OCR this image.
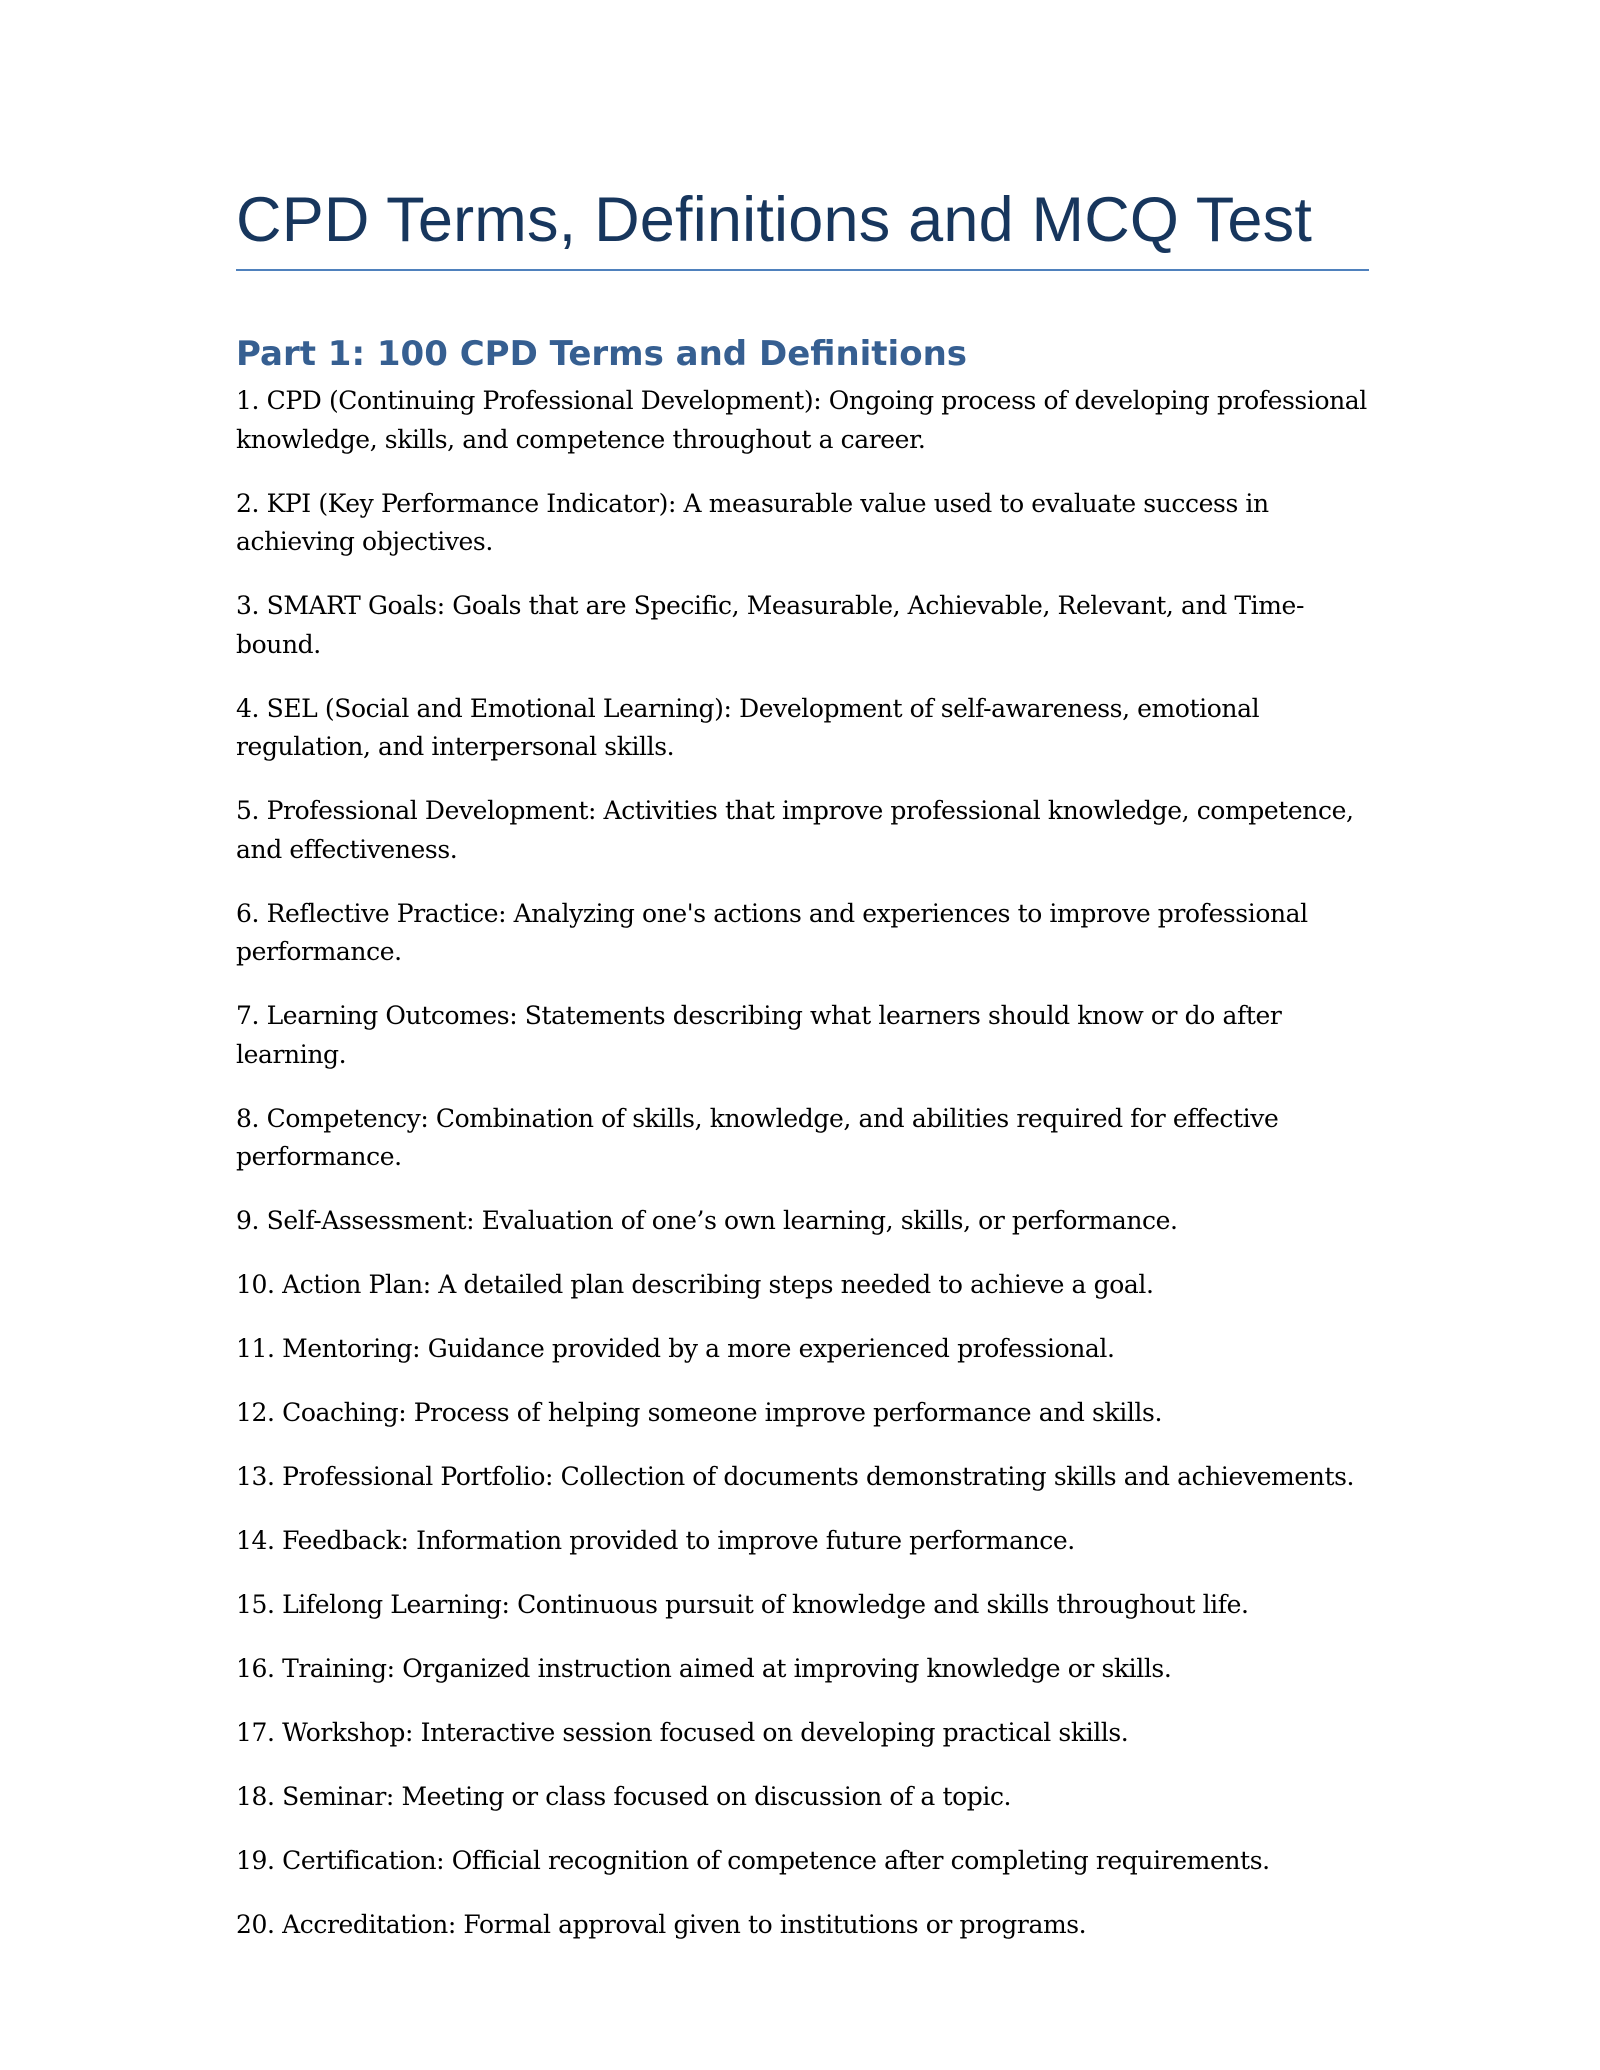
CPD Terms, Definitions and MCQ Test
Part 1: 100 CPD Terms and Definitions
1. CPD (Continuing Professional Development): Ongoing process of developing professional knowledge, skills, and competence throughout a career.
2. KPI (Key Performance Indicator): A measurable value used to evaluate success in achieving objectives.
3. SMART Goals: Goals that are Specific, Measurable, Achievable, Relevant, and Time-bound.
4. SEL (Social and Emotional Learning): Development of self-awareness, emotional regulation, and interpersonal skills.
5. Professional Development: Activities that improve professional knowledge, competence, and effectiveness.
6. Reflective Practice: Analyzing one's actions and experiences to improve professional performance.
7. Learning Outcomes: Statements describing what learners should know or do after learning.
8. Competency: Combination of skills, knowledge, and abilities required for effective performance.
9. Self-Assessment: Evaluation of one’s own learning, skills, or performance.
10. Action Plan: A detailed plan describing steps needed to achieve a goal.
11. Mentoring: Guidance provided by a more experienced professional.
12. Coaching: Process of helping someone improve performance and skills.
13. Professional Portfolio: Collection of documents demonstrating skills and achievements.
14. Feedback: Information provided to improve future performance.
15. Lifelong Learning: Continuous pursuit of knowledge and skills throughout life.
16. Training: Organized instruction aimed at improving knowledge or skills.
17. Workshop: Interactive session focused on developing practical skills.
18. Seminar: Meeting or class focused on discussion of a topic.
19. Certification: Official recognition of competence after completing requirements.
20. Accreditation: Formal approval given to institutions or programs.
